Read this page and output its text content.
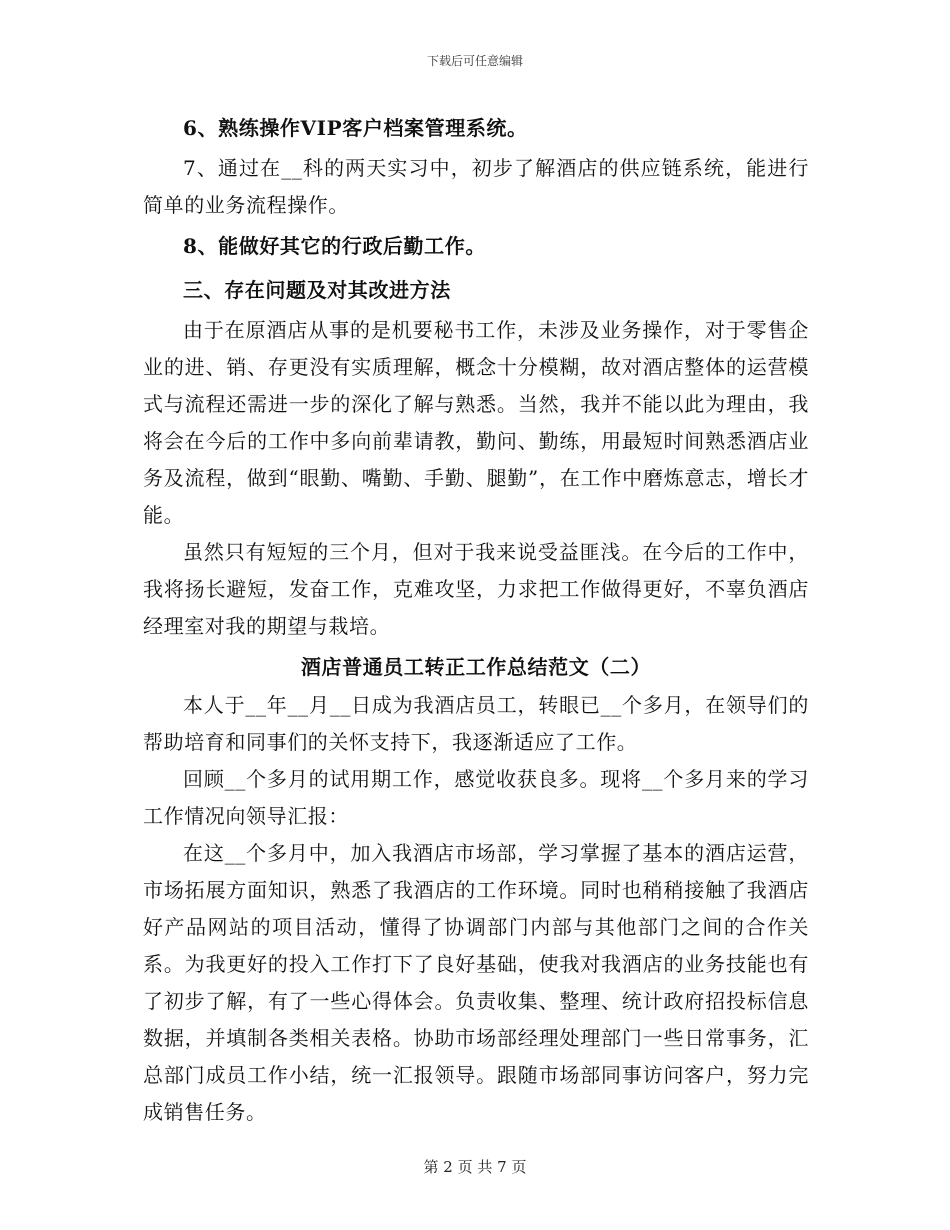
下载后可任意编辑

6、熟练操作VIP客户档案管理系统。

7、通过在__科的两天实习中，初步了解酒店的供应链系统，能进行简单的业务流程操作。

8、能做好其它的行政后勤工作。

三、存在问题及对其改进方法

由于在原酒店从事的是机要秘书工作，未涉及业务操作，对于零售企业的进、销、存更没有实质理解，概念十分模糊，故对酒店整体的运营模式与流程还需进一步的深化了解与熟悉。当然，我并不能以此为理由，我将会在今后的工作中多向前辈请教，勤问、勤练，用最短时间熟悉酒店业务及流程，做到“眼勤、嘴勤、手勤、腿勤”，在工作中磨炼意志，增长才能。

虽然只有短短的三个月，但对于我来说受益匪浅。在今后的工作中，我将扬长避短，发奋工作，克难攻坚，力求把工作做得更好，不辜负酒店经理室对我的期望与栽培。

酒店普通员工转正工作总结范文（二）

本人于__年__月__日成为我酒店员工，转眼已__个多月，在领导们的帮助培育和同事们的关怀支持下，我逐渐适应了工作。

回顾__个多月的试用期工作，感觉收获良多。现将__个多月来的学习工作情况向领导汇报：

在这__个多月中，加入我酒店市场部，学习掌握了基本的酒店运营，市场拓展方面知识，熟悉了我酒店的工作环境。同时也稍稍接触了我酒店好产品网站的项目活动，懂得了协调部门内部与其他部门之间的合作关系。为我更好的投入工作打下了良好基础，使我对我酒店的业务技能也有了初步了解，有了一些心得体会。负责收集、整理、统计政府招投标信息数据，并填制各类相关表格。协助市场部经理处理部门一些日常事务，汇总部门成员工作小结，统一汇报领导。跟随市场部同事访问客户，努力完成销售任务。

第 2 页 共 7 页
